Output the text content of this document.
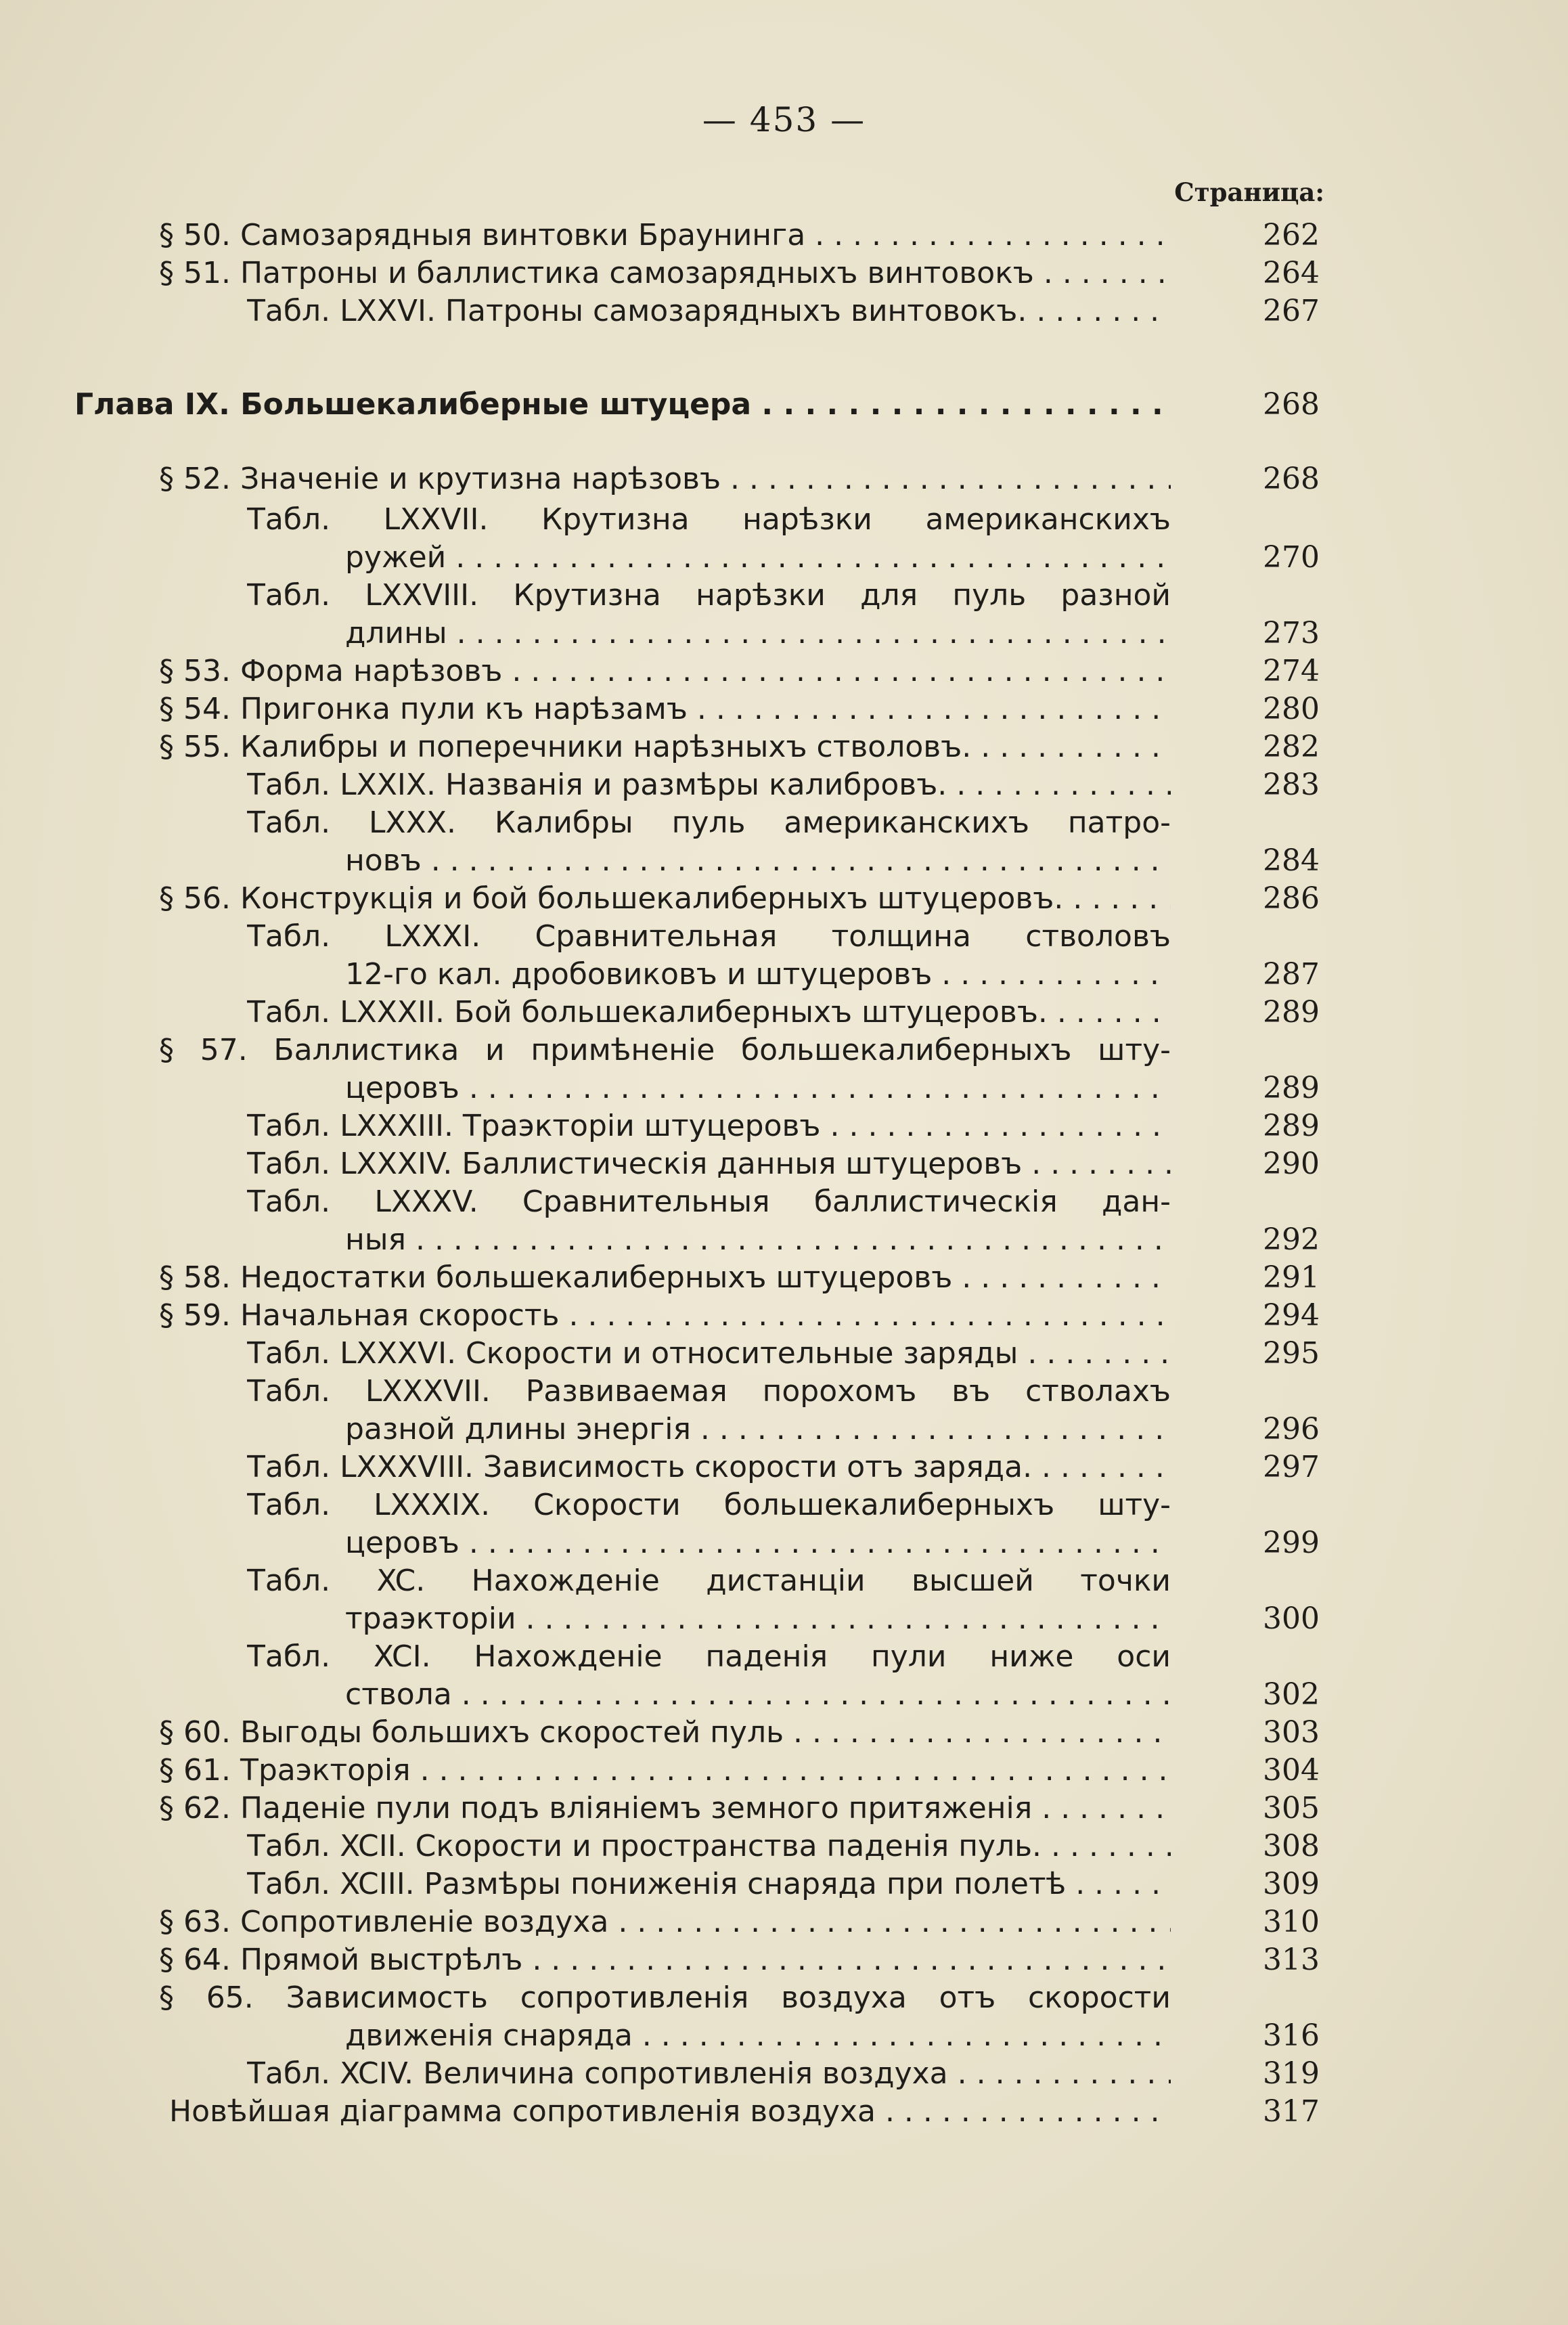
— 453 —
Страница:
§ 50. Самозарядныя винтовки Браунинга . . .	262
§ 51. Патроны и баллистика самозарядныхъ винтовокъ . . .	264
Табл. LXXVI. Патроны самозарядныхъ винтовокъ. . . .	267
Глава IX. Большекалиберные штуцера . . .	268
§ 52. Значеніе и крутизна нарѣзовъ . . .	268
Табл. LXXVII. Крутизна нарѣзки американскихъ
ружей . . .	270
Табл. LXXVIII. Крутизна нарѣзки для пуль разной
длины . . .	273
§ 53. Форма нарѣзовъ . . .	274
§ 54. Пригонка пули къ нарѣзамъ . . .	280
§ 55. Калибры и поперечники нарѣзныхъ стволовъ. . . .	282
Табл. LXXIX. Названія и размѣры калибровъ. . . .	283
Табл. LXXX. Калибры пуль американскихъ патро-
новъ . . .	284
§ 56. Конструкція и бой большекалиберныхъ штуцеровъ. . . .	286
Табл. LXXXI. Сравнительная толщина стволовъ
12-го кал. дробовиковъ и штуцеровъ . . .	287
Табл. LXXXII. Бой большекалиберныхъ штуцеровъ. . . .	289
§ 57. Баллистика и примѣненіе большекалиберныхъ шту-
церовъ . . .	289
Табл. LXXXIII. Траэкторіи штуцеровъ . . .	289
Табл. LXXXIV. Баллистическія данныя штуцеровъ . . . .	290
Табл. LXXXV. Сравнительныя баллистическія дан-
ныя . . .	292
§ 58. Недостатки большекалиберныхъ штуцеровъ . . .	291
§ 59. Начальная скорость . . .	294
Табл. LXXXVI. Скорости и относительные заряды . . .	295
Табл. LXXXVII. Развиваемая порохомъ въ стволахъ
разной длины энергія . . .	296
Табл. LXXXVIII. Зависимость скорости отъ заряда. . . .	297
Табл. LXXXIX. Скорости большекалиберныхъ шту-
церовъ . . .	299
Табл. XC. Нахожденіе дистанціи высшей точки
траэкторіи . . .	300
Табл. XCI. Нахожденіе паденія пули ниже оси
ствола . . .	302
§ 60. Выгоды большихъ скоростей пуль . . .	303
§ 61. Траэкторія . . .	304
§ 62. Паденіе пули подъ вліяніемъ земного притяженія . . . .	305
Табл. XCII. Скорости и пространства паденія пуль. . . .	308
Табл. XCIII. Размѣры пониженія снаряда при полетѣ . . .	309
§ 63. Сопротивленіе воздуха . . .	310
§ 64. Прямой выстрѣлъ . . .	313
§ 65. Зависимость сопротивленія воздуха отъ скорости
движенія снаряда . . .	316
Табл. XCIV. Величина сопротивленія воздуха . . .	319
Новѣйшая діаграмма сопротивленія воздуха . . .	317
